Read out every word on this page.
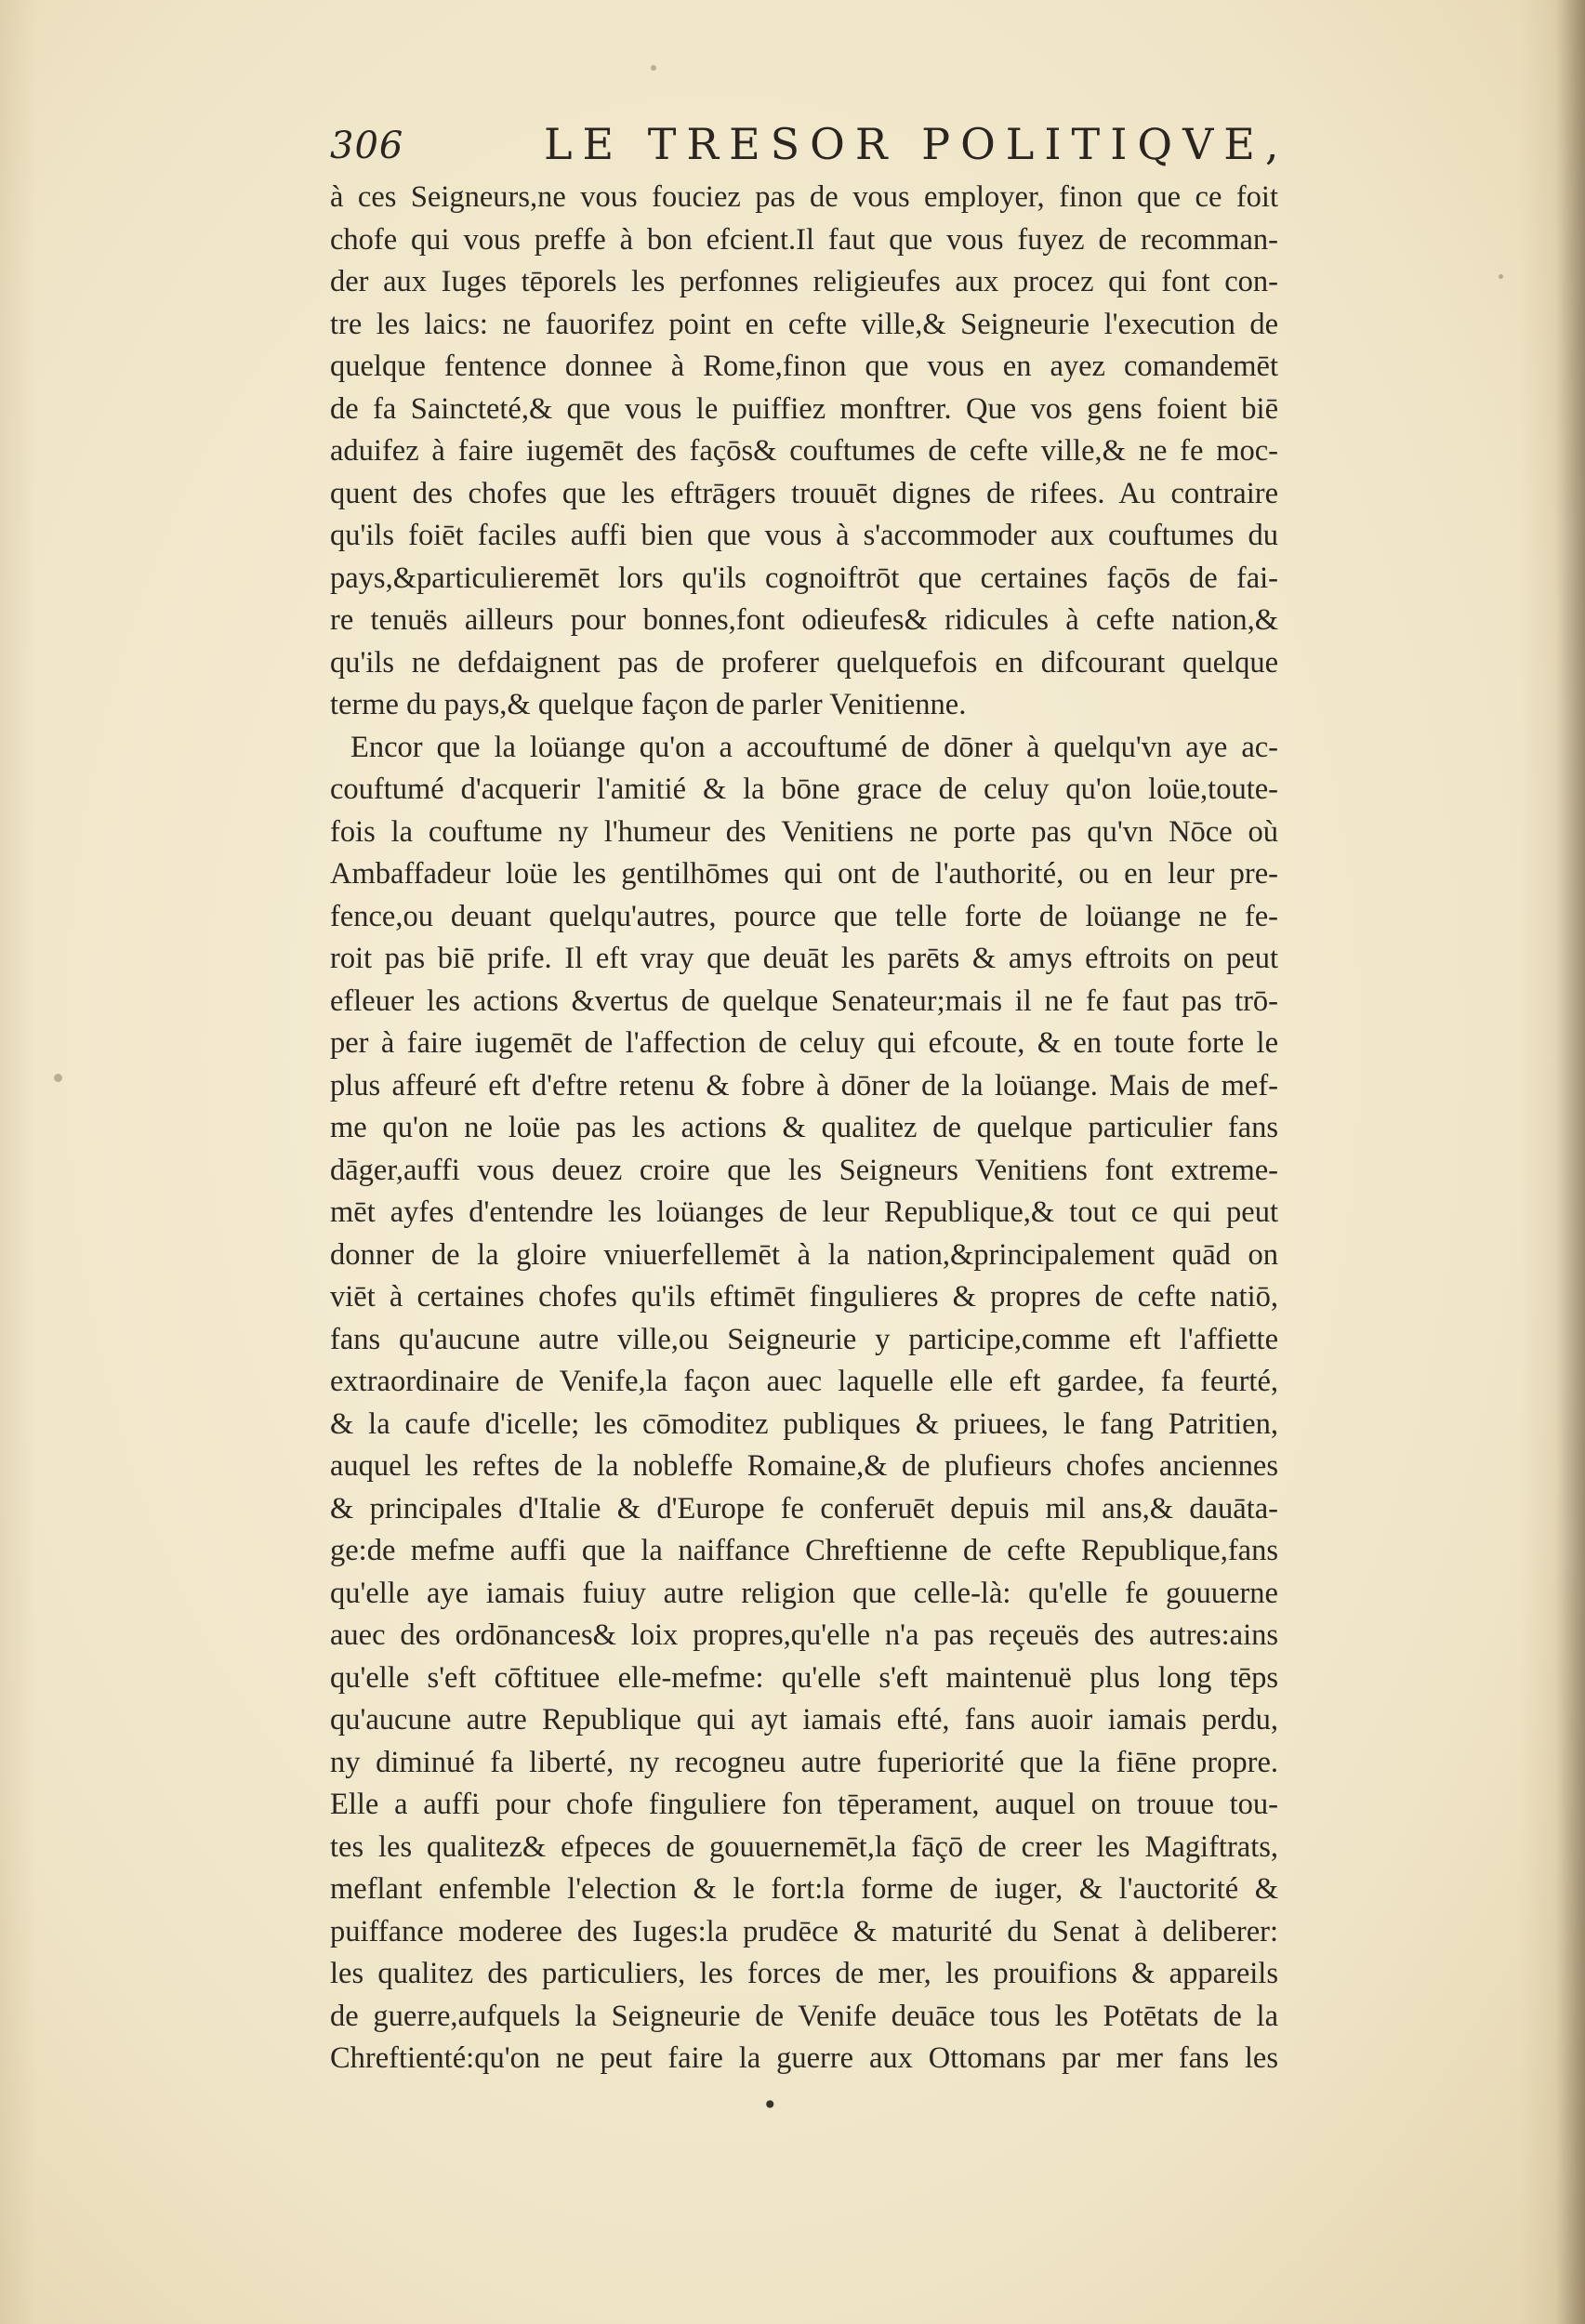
306	LE TRESOR POLITIQVE,
à ces Seigneurs,ne vous fouciez pas de vous employer, finon que ce foit
chofe qui vous preffe à bon efcient.Il faut que vous fuyez de recomman-
der aux Iuges tēporels les perfonnes religieufes aux procez qui font con-
tre les laics: ne fauorifez point en cefte ville,& Seigneurie l'execution de
quelque fentence donnee à Rome,finon que vous en ayez comandemēt
de fa Saincteté,& que vous le puiffiez monftrer. Que vos gens foient biē
aduifez à faire iugemēt des façōs& couftumes de cefte ville,& ne fe moc-
quent des chofes que les eftrāgers trouuēt dignes de rifees. Au contraire
qu'ils foiēt faciles auffi bien que vous à s'accommoder aux couftumes du
pays,&particulieremēt lors qu'ils cognoiftrōt que certaines façōs de fai-
re tenuës ailleurs pour bonnes,font odieufes& ridicules à cefte nation,&
qu'ils ne defdaignent pas de proferer quelquefois en difcourant quelque
terme du pays,& quelque façon de parler Venitienne.
Encor que la loüange qu'on a accouftumé de dōner à quelqu'vn aye ac-
couftumé d'acquerir l'amitié & la bōne grace de celuy qu'on loüe,toute-
fois la couftume ny l'humeur des Venitiens ne porte pas qu'vn Nōce où
Ambaffadeur loüe les gentilhōmes qui ont de l'authorité, ou en leur pre-
fence,ou deuant quelqu'autres, pource que telle forte de loüange ne fe-
roit pas biē prife. Il eft vray que deuāt les parēts & amys eftroits on peut
efleuer les actions &vertus de quelque Senateur;mais il ne fe faut pas trō-
per à faire iugemēt de l'affection de celuy qui efcoute, & en toute forte le
plus affeuré eft d'eftre retenu & fobre à dōner de la loüange. Mais de mef-
me qu'on ne loüe pas les actions & qualitez de quelque particulier fans
dāger,auffi vous deuez croire que les Seigneurs Venitiens font extreme-
mēt ayfes d'entendre les loüanges de leur Republique,& tout ce qui peut
donner de la gloire vniuerfellemēt à la nation,&principalement quād on
viēt à certaines chofes qu'ils eftimēt fingulieres & propres de cefte natiō,
fans qu'aucune autre ville,ou Seigneurie y participe,comme eft l'affiette
extraordinaire de Venife,la façon auec laquelle elle eft gardee, fa feurté,
& la caufe d'icelle; les cōmoditez publiques & priuees, le fang Patritien,
auquel les reftes de la nobleffe Romaine,& de plufieurs chofes anciennes
& principales d'Italie & d'Europe fe conferuēt depuis mil ans,& dauāta-
ge:de mefme auffi que la naiffance Chreftienne de cefte Republique,fans
qu'elle aye iamais fuiuy autre religion que celle-là: qu'elle fe gouuerne
auec des ordōnances& loix propres,qu'elle n'a pas reçeuës des autres:ains
qu'elle s'eft cōftituee elle-mefme: qu'elle s'eft maintenuë plus long tēps
qu'aucune autre Republique qui ayt iamais efté, fans auoir iamais perdu,
ny diminué fa liberté, ny recogneu autre fuperiorité que la fiēne propre.
Elle a auffi pour chofe finguliere fon tēperament, auquel on trouue tou-
tes les qualitez& efpeces de gouuernemēt,la fāçō de creer les Magiftrats,
meflant enfemble l'election & le fort:la forme de iuger, & l'auctorité &
puiffance moderee des Iuges:la prudēce & maturité du Senat à deliberer:
les qualitez des particuliers, les forces de mer, les prouifions & appareils
de guerre,aufquels la Seigneurie de Venife deuāce tous les Potētats de la
Chreftienté:qu'on ne peut faire la guerre aux Ottomans par mer fans les
•
